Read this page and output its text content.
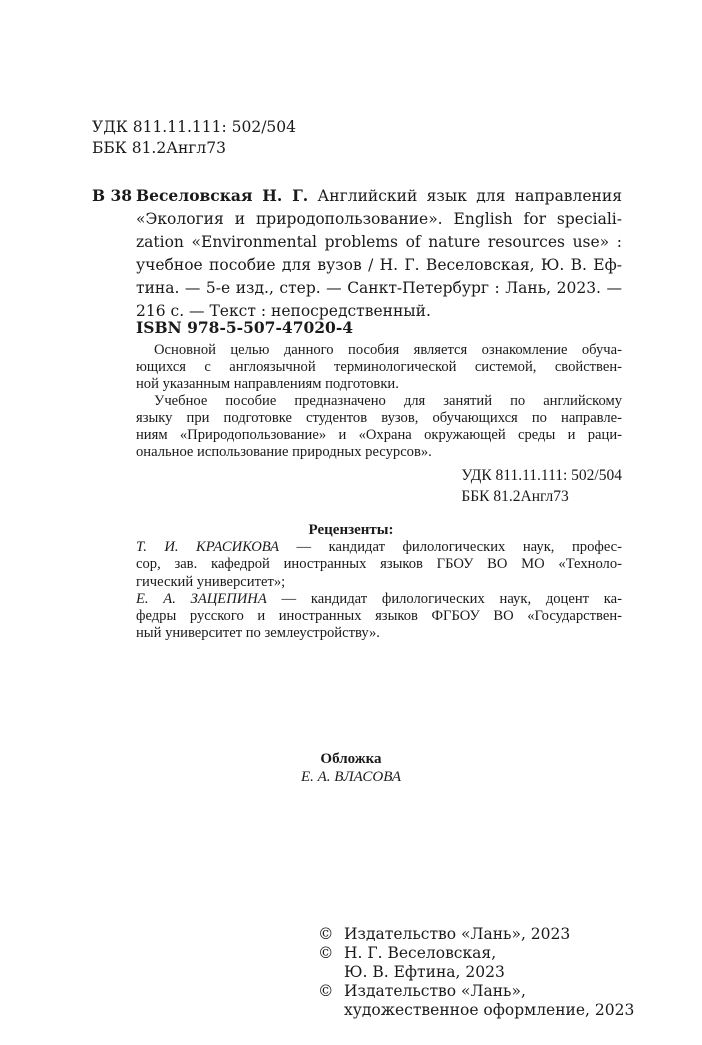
УДК 811.11.111: 502/504
ББК 81.2Англ73
В 38 Веселовская Н. Г. Английский язык для направления
«Экология и природопользование». English for speciali-
zation «Environmental problems of nature resources use» :
учебное пособие для вузов / Н. Г. Веселовская, Ю. В. Еф-
тина. — 5-е изд., стер. — Санкт-Петербург : Лань, 2023. —
216 с. — Текст : непосредственный.
ISBN 978-5-507-47020-4
Основной целью данного пособия является ознакомление обуча-
ющихся с англоязычной терминологической системой, свойствен-
ной указанным направлениям подготовки.
Учебное пособие предназначено для занятий по английскому
языку при подготовке студентов вузов, обучающихся по направле-
ниям «Природопользование» и «Охрана окружающей среды и раци-
ональное использование природных ресурсов».
УДК 811.11.111: 502/504
ББК 81.2Англ73
Рецензенты:
Т. И. КРАСИКОВА — кандидат филологических наук, профес-
сор, зав. кафедрой иностранных языков ГБОУ ВО МО «Техноло-
гический университет»;
Е. А. ЗАЦЕПИНА — кандидат филологических наук, доцент ка-
федры русского и иностранных языков ФГБОУ ВО «Государствен-
ный университет по землеустройству».
Обложка
Е. А. ВЛАСОВА
© Издательство «Лань», 2023
© Н. Г. Веселовская,
Ю. В. Ефтина, 2023
© Издательство «Лань»,
художественное оформление, 2023
